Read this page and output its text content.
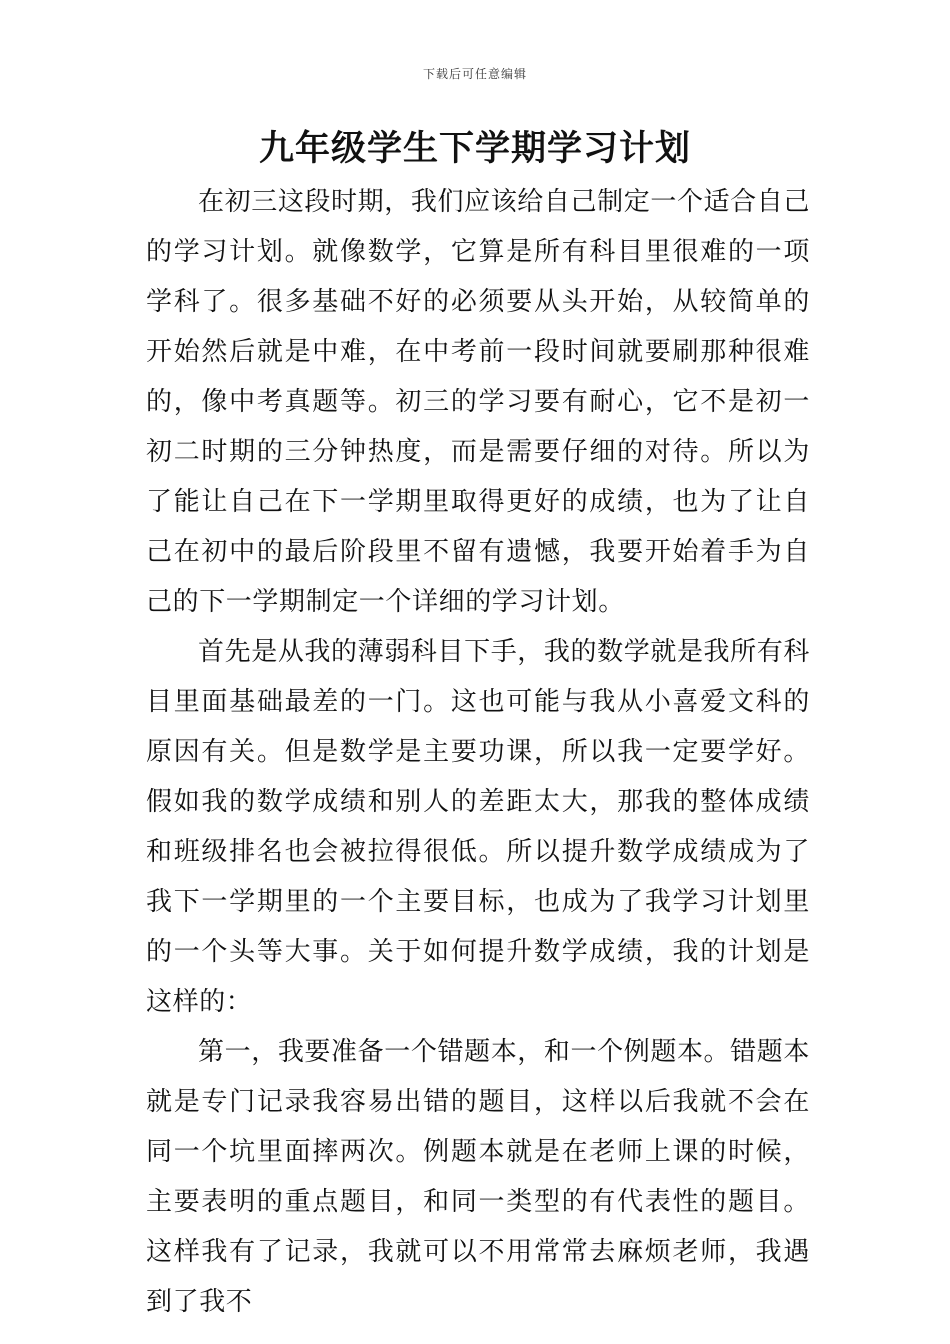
下载后可任意编辑
九年级学生下学期学习计划

在初三这段时期，我们应该给自己制定一个适合自己的学习计划。就像数学，它算是所有科目里很难的一项学科了。很多基础不好的必须要从头开始，从较简单的开始然后就是中难，在中考前一段时间就要刷那种很难的，像中考真题等。初三的学习要有耐心，它不是初一初二时期的三分钟热度，而是需要仔细的对待。所以为了能让自己在下一学期里取得更好的成绩，也为了让自己在初中的最后阶段里不留有遗憾，我要开始着手为自己的下一学期制定一个详细的学习计划。

首先是从我的薄弱科目下手，我的数学就是我所有科目里面基础最差的一门。这也可能与我从小喜爱文科的原因有关。但是数学是主要功课，所以我一定要学好。假如我的数学成绩和别人的差距太大，那我的整体成绩和班级排名也会被拉得很低。所以提升数学成绩成为了我下一学期里的一个主要目标，也成为了我学习计划里的一个头等大事。关于如何提升数学成绩，我的计划是这样的：

第一，我要准备一个错题本，和一个例题本。错题本就是专门记录我容易出错的题目，这样以后我就不会在同一个坑里面摔两次。例题本就是在老师上课的时候，主要表明的重点题目，和同一类型的有代表性的题目。这样我有了记录，我就可以不用常常去麻烦老师，我遇到了我不
